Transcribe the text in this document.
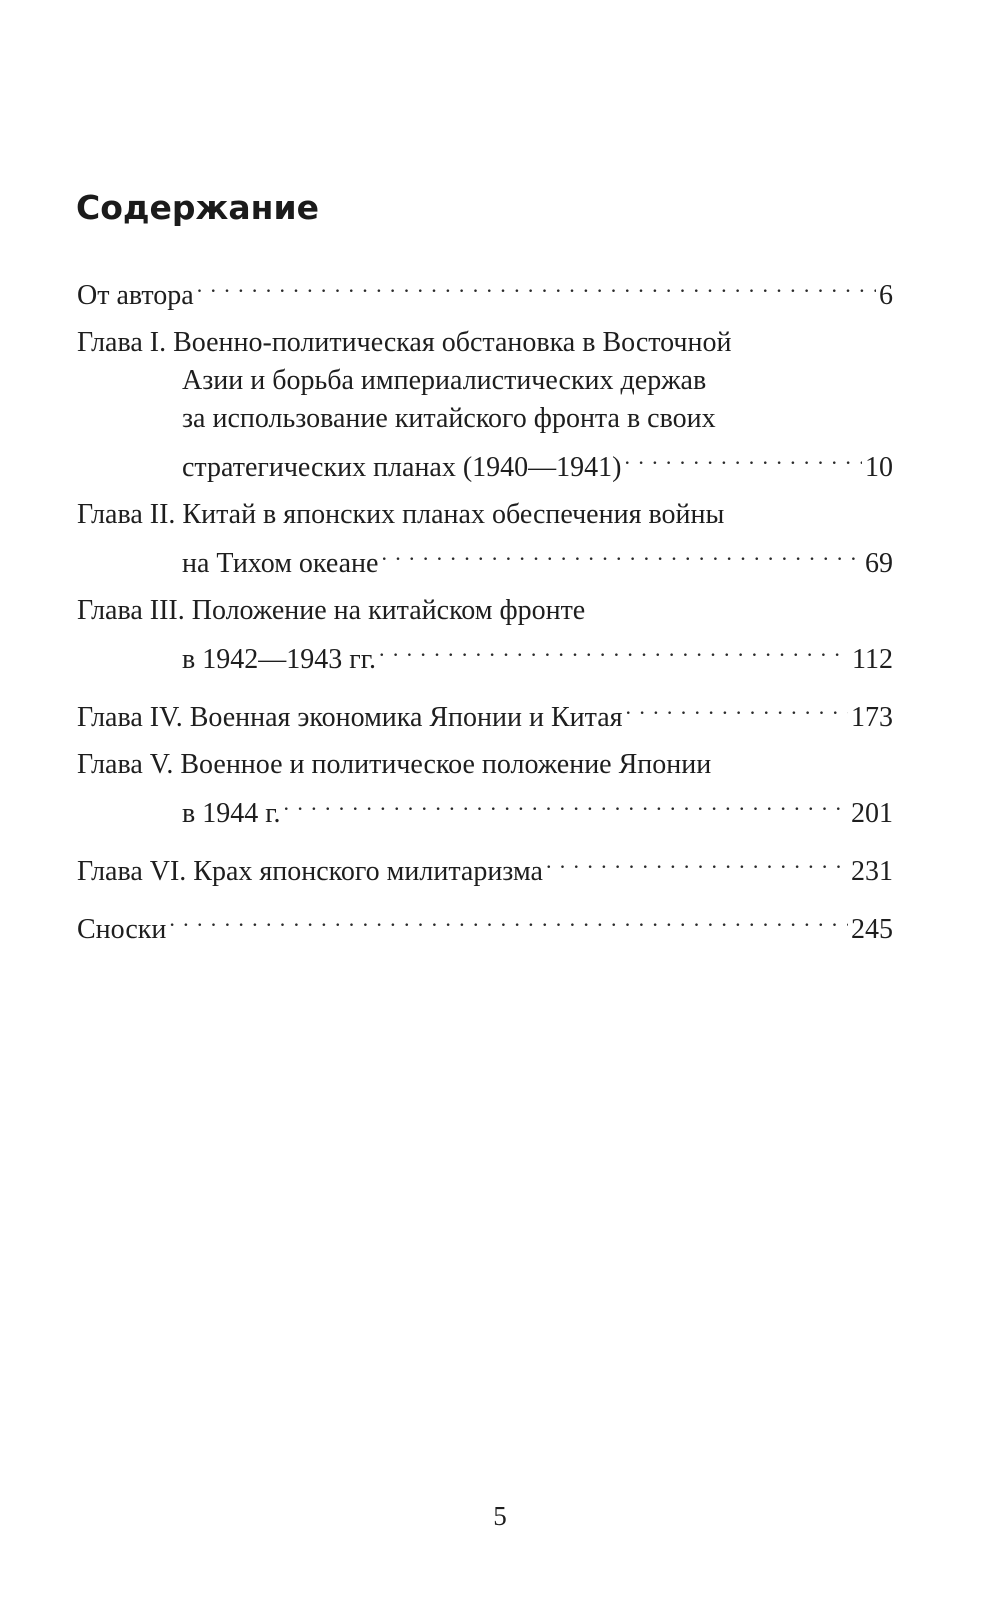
Содержание
От автора . . .	6
Глава I. Военно-политическая обстановка в Восточной
Азии и борьба империалистических держав
за использование китайского фронта в своих
стратегических планах (1940—1941) . . .	10
Глава II. Китай в японских планах обеспечения войны
на Тихом океане . . .	69
Глава III. Положение на китайском фронте
в 1942—1943 гг. . . .	112
Глава IV. Военная экономика Японии и Китая . . .	173
Глава V. Военное и политическое положение Японии
в 1944 г. . . .	201
Глава VI. Крах японского милитаризма . . .	231
Сноски . . .	245
5
